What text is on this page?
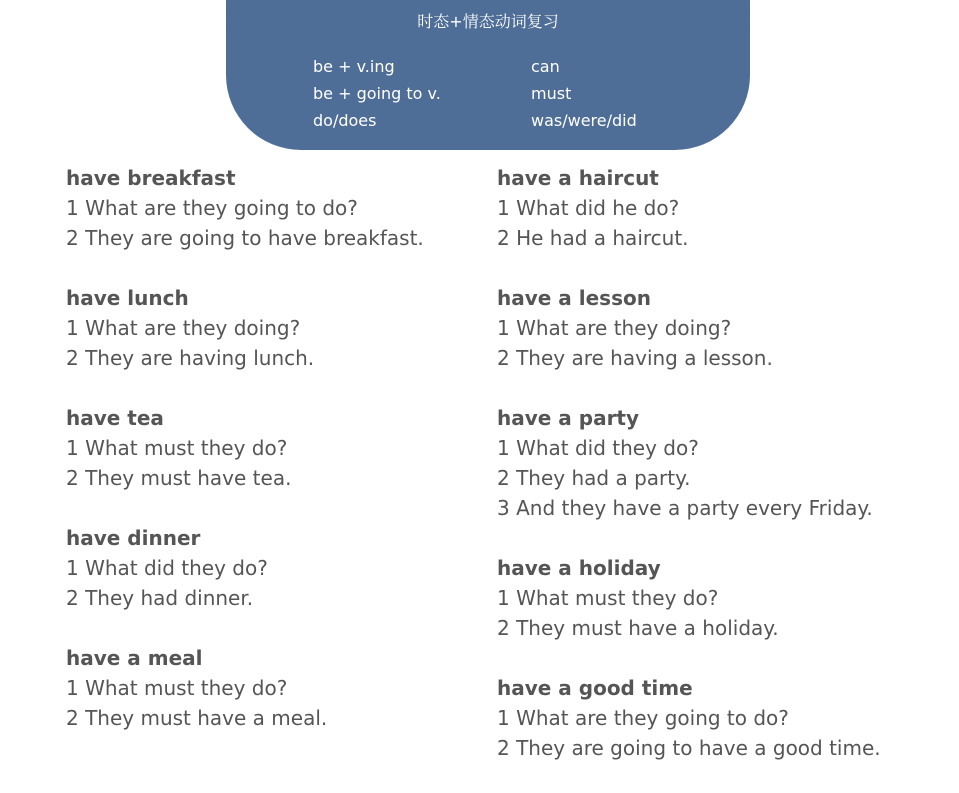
时态+情态动词复习
be + v.ing
be + going to v.
do/does
can
must
was/were/did
have breakfast
1 What are they going to do?
2 They are going to have breakfast.
have lunch
1 What are they doing?
2 They are having lunch.
have tea
1 What must they do?
2 They must have tea.
have dinner
1 What did they do?
2 They had dinner.
have a meal
1 What must they do?
2 They must have a meal.
have a haircut
1 What did he do?
2 He had a haircut.
have a lesson
1 What are they doing?
2 They are having a lesson.
have a party
1 What did they do?
2 They had a party.
3 And they have a party every Friday.
have a holiday
1 What must they do?
2 They must have a holiday.
have a good time
1 What are they going to do?
2 They are going to have a good time.
